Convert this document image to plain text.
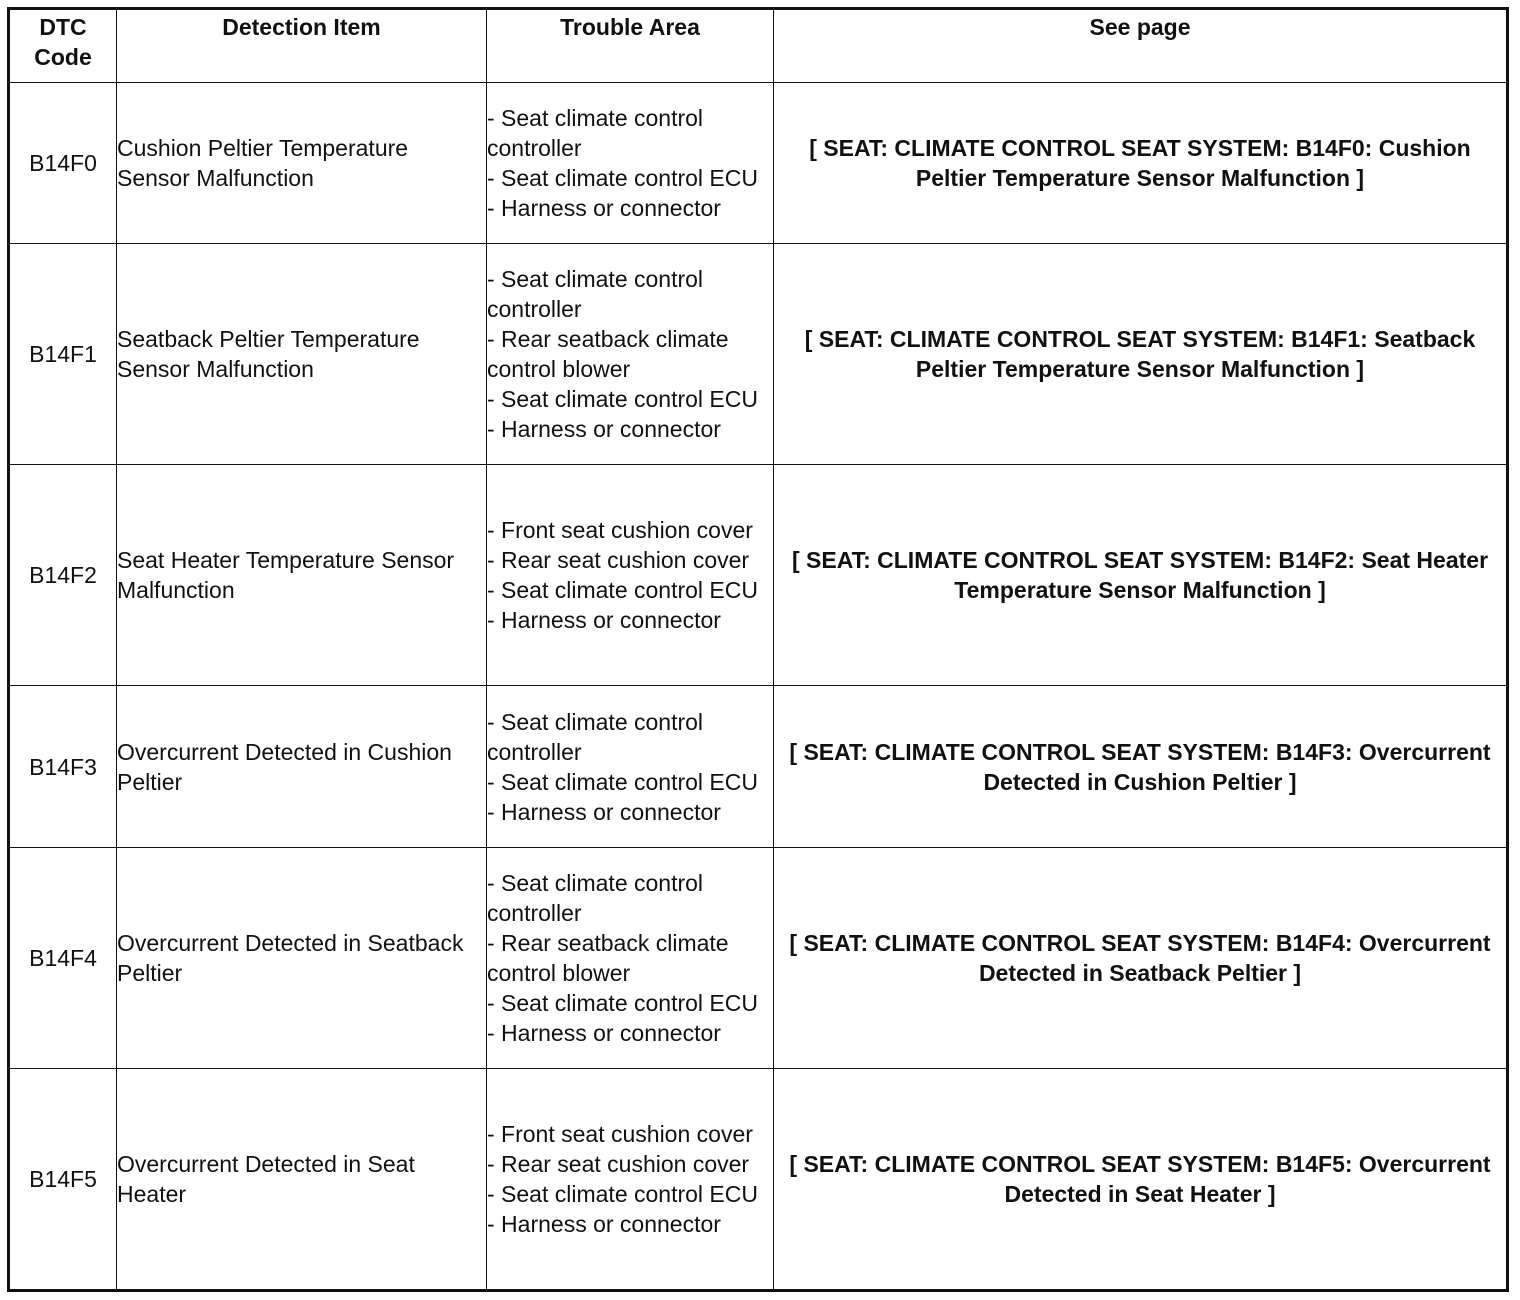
DTC Code	Detection Item	Trouble Area	See page
B14F0	Cushion Peltier Temperature Sensor Malfunction	- Seat climate control controller
- Seat climate control ECU
- Harness or connector	[ SEAT: CLIMATE CONTROL SEAT SYSTEM: B14F0: Cushion Peltier Temperature Sensor Malfunction ]
B14F1	Seatback Peltier Temperature Sensor Malfunction	- Seat climate control controller
- Rear seatback climate control blower
- Seat climate control ECU
- Harness or connector	[ SEAT: CLIMATE CONTROL SEAT SYSTEM: B14F1: Seatback Peltier Temperature Sensor Malfunction ]
B14F2	Seat Heater Temperature Sensor Malfunction	- Front seat cushion cover
- Rear seat cushion cover
- Seat climate control ECU
- Harness or connector	[ SEAT: CLIMATE CONTROL SEAT SYSTEM: B14F2: Seat Heater Temperature Sensor Malfunction ]
B14F3	Overcurrent Detected in Cushion Peltier	- Seat climate control controller
- Seat climate control ECU
- Harness or connector	[ SEAT: CLIMATE CONTROL SEAT SYSTEM: B14F3: Overcurrent Detected in Cushion Peltier ]
B14F4	Overcurrent Detected in Seatback Peltier	- Seat climate control controller
- Rear seatback climate control blower
- Seat climate control ECU
- Harness or connector	[ SEAT: CLIMATE CONTROL SEAT SYSTEM: B14F4: Overcurrent Detected in Seatback Peltier ]
B14F5	Overcurrent Detected in Seat Heater	- Front seat cushion cover
- Rear seat cushion cover
- Seat climate control ECU
- Harness or connector	[ SEAT: CLIMATE CONTROL SEAT SYSTEM: B14F5: Overcurrent Detected in Seat Heater ]
